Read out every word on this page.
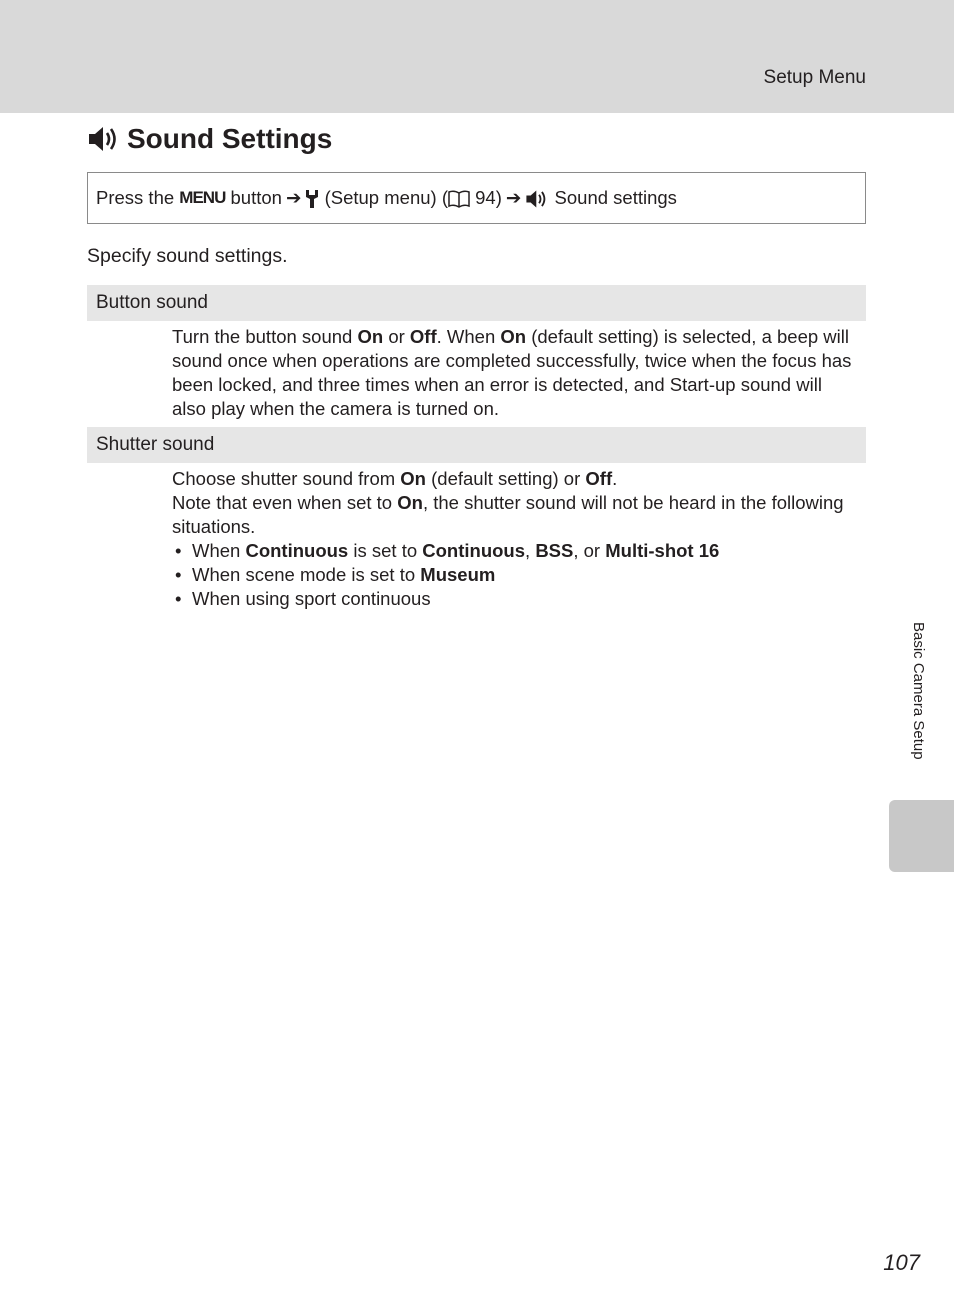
Setup Menu
Sound Settings
Press the
MENU
button ➔
(Setup menu) (
94) ➔
Sound settings
Specify sound settings.
Button sound

Turn the button sound On or Off. When On (default setting) is selected, a beep will sound once when operations are completed successfully, twice when the focus has been locked, and three times when an error is detected, and Start-up sound will also play when the camera is turned on.

Shutter sound

Choose shutter sound from On (default setting) or Off.

Note that even when set to On, the shutter sound will not be heard in the following situations.

• When Continuous is set to Continuous, BSS, or Multi-shot 16
• When scene mode is set to Museum
• When using sport continuous
Basic Camera Setup
107
